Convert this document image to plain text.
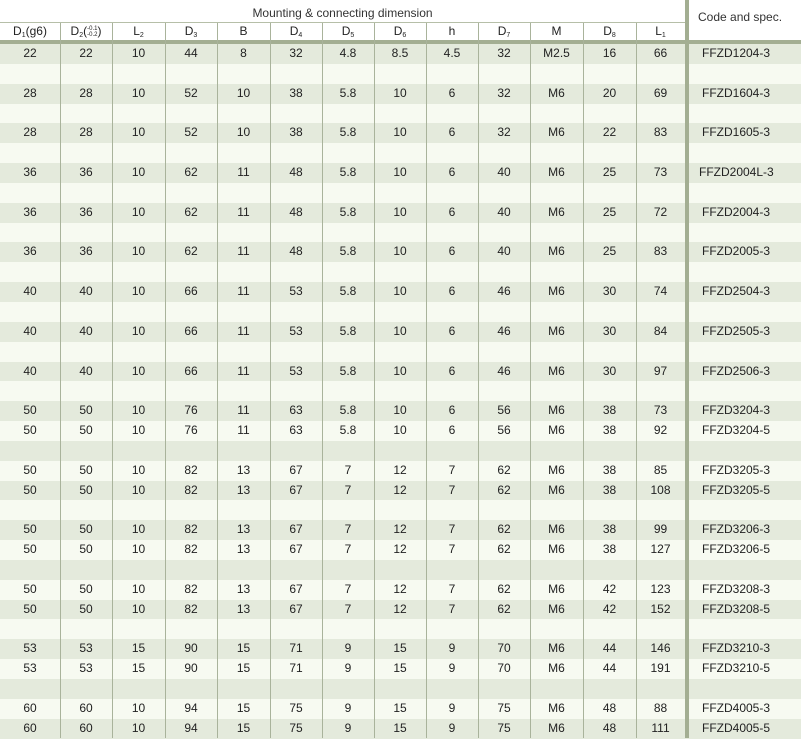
Mounting & connecting dimension	Code and spec.
$D_1(g6)$	$D_2$( -0.1
-0.2 )	$L_2$	$D_3$	B	$D_4$	$D_5$	$D_6$	h	$D_7$	M	$D_8$	$L_1$
22	22	10	44	8	32	4.8	8.5	4.5	32	M2.5	16	66	FFZD1204-3
28	28	10	52	10	38	5.8	10	6	32	M6	20	69	FFZD1604-3
28	28	10	52	10	38	5.8	10	6	32	M6	22	83	FFZD1605-3
36	36	10	62	11	48	5.8	10	6	40	M6	25	73	FFZD2004L-3
36	36	10	62	11	48	5.8	10	6	40	M6	25	72	FFZD2004-3
36	36	10	62	11	48	5.8	10	6	40	M6	25	83	FFZD2005-3
40	40	10	66	11	53	5.8	10	6	46	M6	30	74	FFZD2504-3
40	40	10	66	11	53	5.8	10	6	46	M6	30	84	FFZD2505-3
40	40	10	66	11	53	5.8	10	6	46	M6	30	97	FFZD2506-3
50	50	10	76	11	63	5.8	10	6	56	M6	38	73	FFZD3204-3
50	50	10	76	11	63	5.8	10	6	56	M6	38	92	FFZD3204-5
50	50	10	82	13	67	7	12	7	62	M6	38	85	FFZD3205-3
50	50	10	82	13	67	7	12	7	62	M6	38	108	FFZD3205-5
50	50	10	82	13	67	7	12	7	62	M6	38	99	FFZD3206-3
50	50	10	82	13	67	7	12	7	62	M6	38	127	FFZD3206-5
50	50	10	82	13	67	7	12	7	62	M6	42	123	FFZD3208-3
50	50	10	82	13	67	7	12	7	62	M6	42	152	FFZD3208-5
53	53	15	90	15	71	9	15	9	70	M6	44	146	FFZD3210-3
53	53	15	90	15	71	9	15	9	70	M6	44	191	FFZD3210-5
60	60	10	94	15	75	9	15	9	75	M6	48	88	FFZD4005-3
60	60	10	94	15	75	9	15	9	75	M6	48	111	FFZD4005-5
